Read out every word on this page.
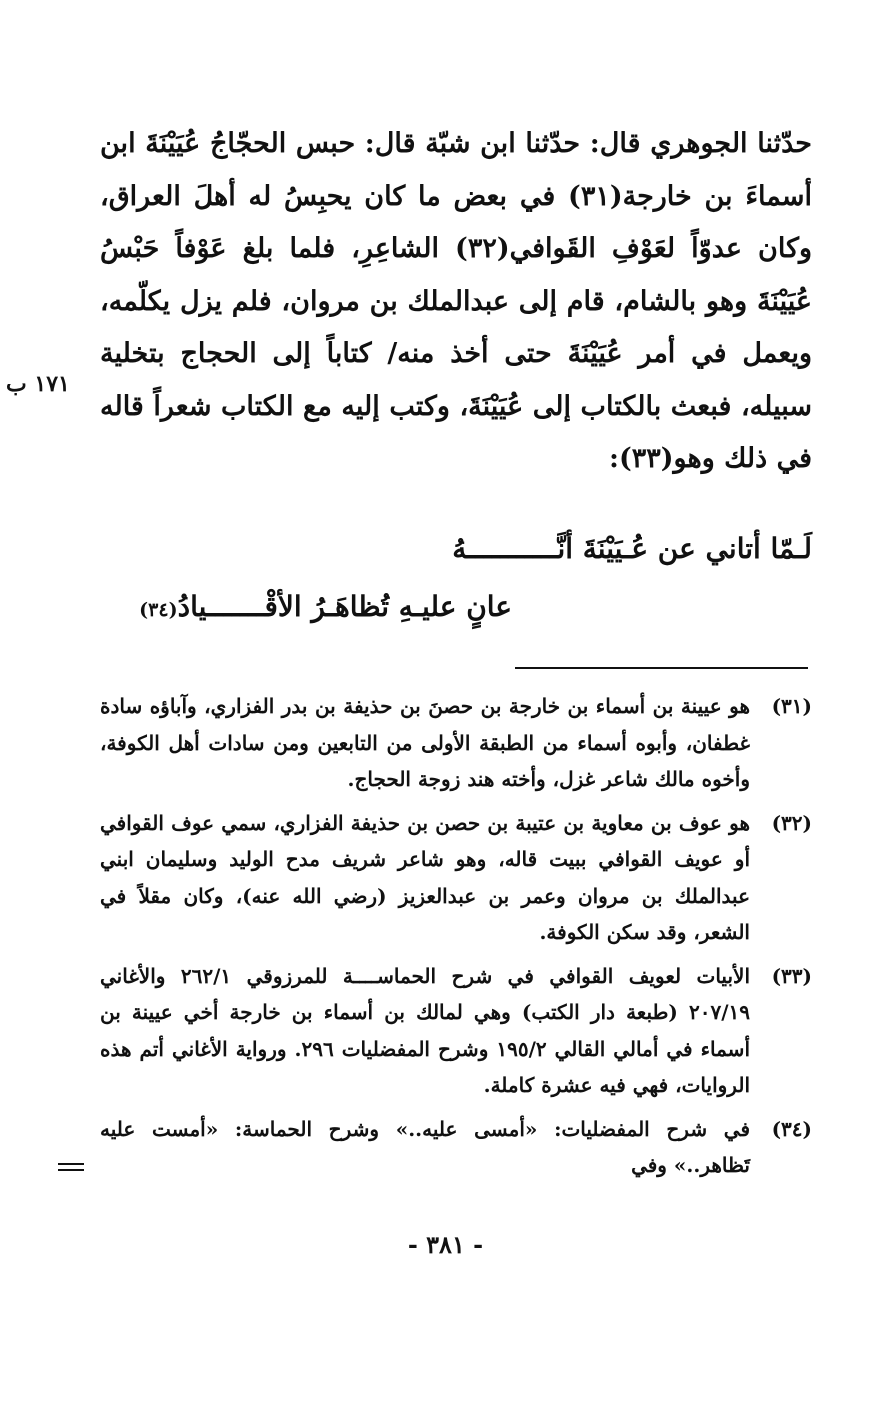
حدّثنا الجوهري قال: حدّثنا ابن شبّة قال: حبس الحجّاجُ عُيَيْنَةَ ابن أسماءَ بن خارجة(٣١) في بعض ما كان يحبِسُ له أهلَ العراق، وكان عدوّاً لعَوْفِ القَوافي(٣٢) الشاعِرِ، فلما بلغ عَوْفاً حَبْسُ عُيَيْنَةَ وهو بالشام، قام إلى عبدالملك بن مروان، فلم يزل يكلّمه، ويعمل في أمر عُيَيْنَةَ حتى أخذ منه/ كتاباً إلى الحجاج بتخلية سبيله، فبعث بالكتاب إلى عُيَيْنَةَ، وكتب إليه مع الكتاب شعراً قاله في ذلك وهو(٣٣):

١٧١ ب
لَـمّا أتاني عن عُـيَيْنَةَ أنَّـــــــــــهُ
عانٍ عليـهِ تُظاهَـرُ الأقْـــــــيادُ(٣٤)
(٣١)
هو عيينة بن أسماء بن خارجة بن حصنَ بن حذيفة بن بدر الفزاري، وآباؤه سادة غطفان، وأبوه أسماء من الطبقة الأولى من التابعين ومن سادات أهل الكوفة، وأخوه مالك شاعر غزل، وأخته هند زوجة الحجاج.
(٣٢)
هو عوف بن معاوية بن عتيبة بن حصن بن حذيفة الفزاري، سمي عوف القوافي أو عويف القوافي ببيت قاله، وهو شاعر شريف مدح الوليد وسليمان ابني عبدالملك بن مروان وعمر بن عبدالعزيز (رضي الله عنه)، وكان مقلاً في الشعر، وقد سكن الكوفة.
(٣٣)
الأبيات لعويف القوافي في شرح الحماســــة للمرزوقي ٢٦٢/١ والأغاني ٢٠٧/١٩ (طبعة دار الكتب) وهي لمالك بن أسماء بن خارجة أخي عيينة بن أسماء في أمالي القالي ١٩٥/٢ وشرح المفضليات ٢٩٦. ورواية الأغاني أتم هذه الروايات، فهي فيه عشرة كاملة.
(٣٤)
في شرح المفضليات: «أمسى عليه..» وشرح الحماسة: «أمست عليه تَظاهر..» وفي
- ٣٨١ -
